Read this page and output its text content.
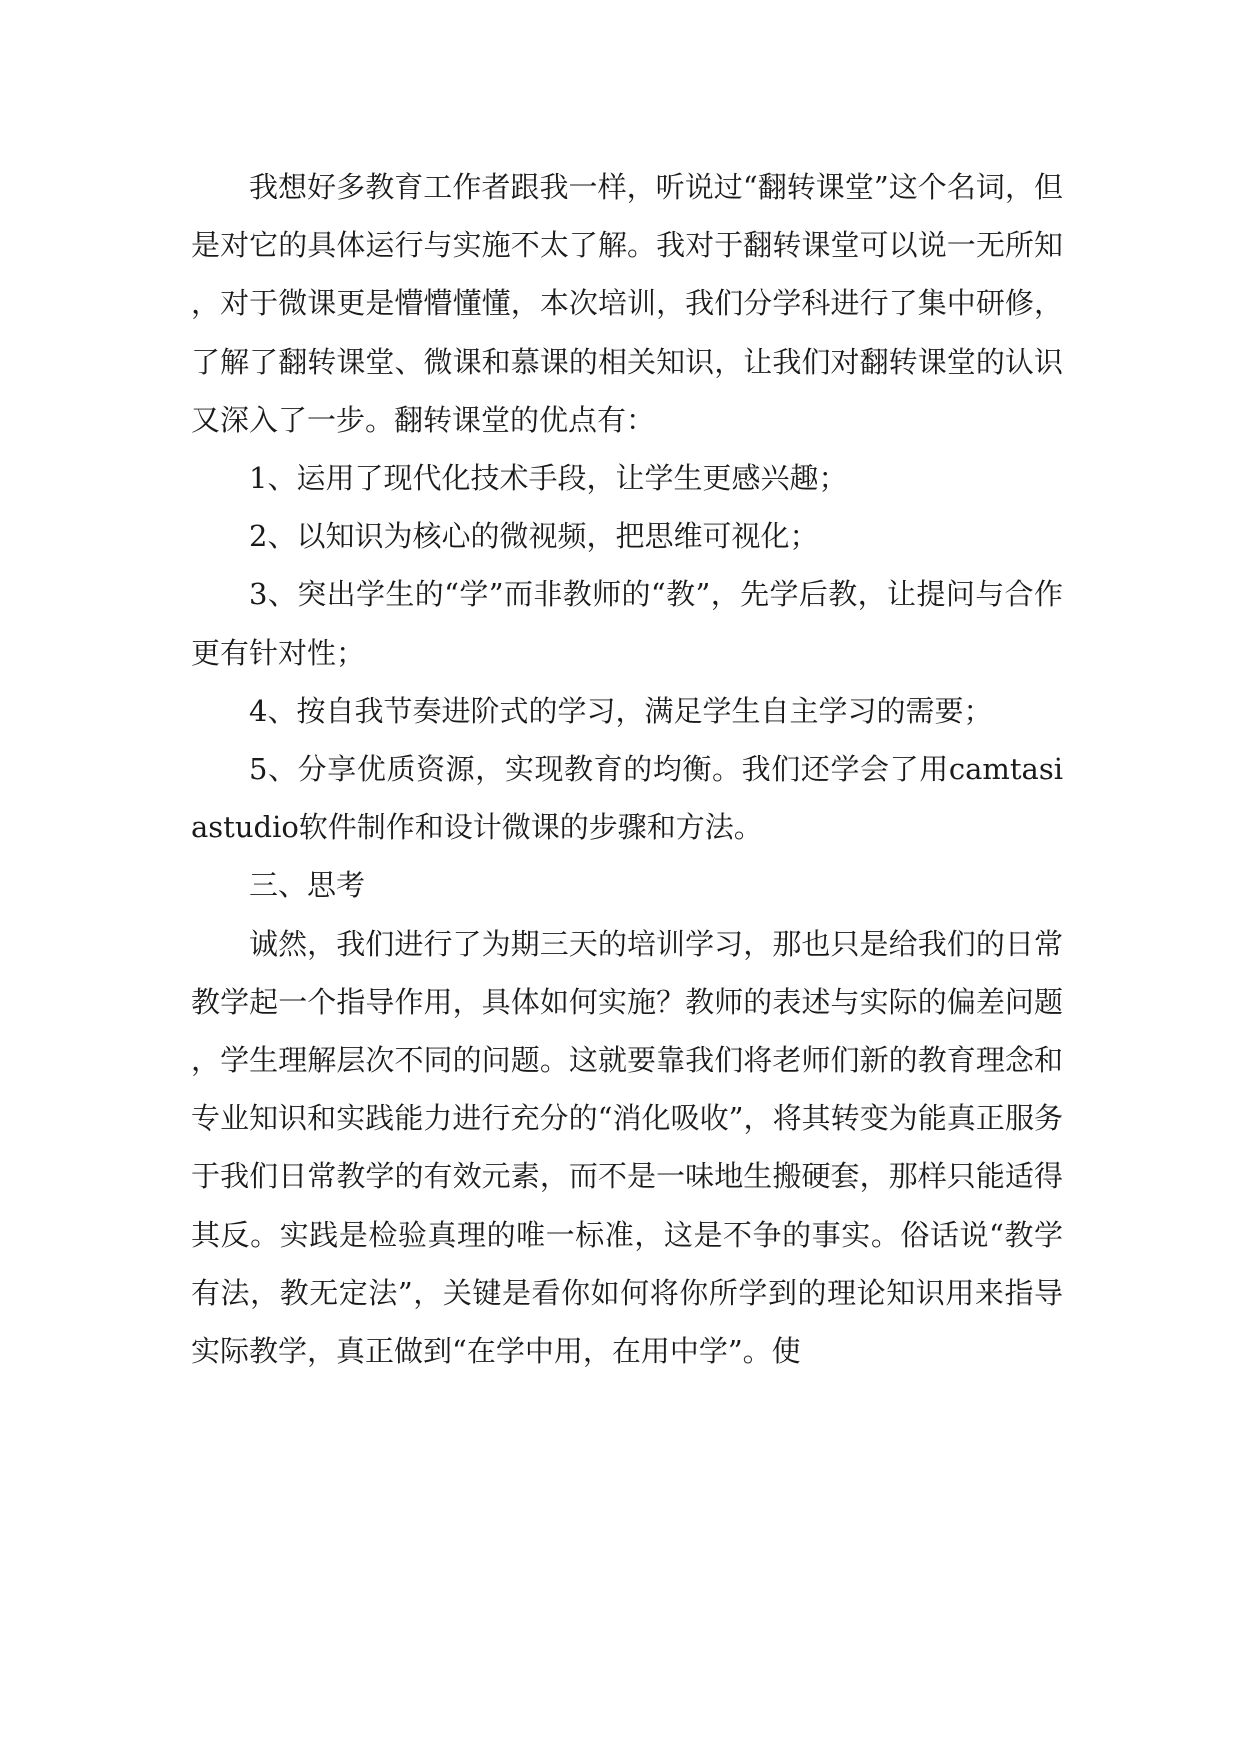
我想好多教育工作者跟我一样，听说过“翻转课堂”这个名词，但是对它的具体运行与实施不太了解。我对于翻转课堂可以说一无所知，对于微课更是懵懵懂懂，本次培训，我们分学科进行了集中研修，了解了翻转课堂、微课和慕课的相关知识，让我们对翻转课堂的认识又深入了一步。翻转课堂的优点有：

1、运用了现代化技术手段，让学生更感兴趣；

2、以知识为核心的微视频，把思维可视化；

3、突出学生的“学”而非教师的“教”，先学后教，让提问与合作更有针对性；

4、按自我节奏进阶式的学习，满足学生自主学习的需要；

5、分享优质资源，实现教育的均衡。我们还学会了用camtasiastudio软件制作和设计微课的步骤和方法。

三、思考

诚然，我们进行了为期三天的培训学习，那也只是给我们的日常教学起一个指导作用，具体如何实施？教师的表述与实际的偏差问题，学生理解层次不同的问题。这就要靠我们将老师们新的教育理念和专业知识和实践能力进行充分的“消化吸收”，将其转变为能真正服务于我们日常教学的有效元素，而不是一味地生搬硬套，那样只能适得其反。实践是检验真理的唯一标准，这是不争的事实。俗话说“教学有法，教无定法”，关键是看你如何将你所学到的理论知识用来指导实际教学，真正做到“在学中用，在用中学”。使
